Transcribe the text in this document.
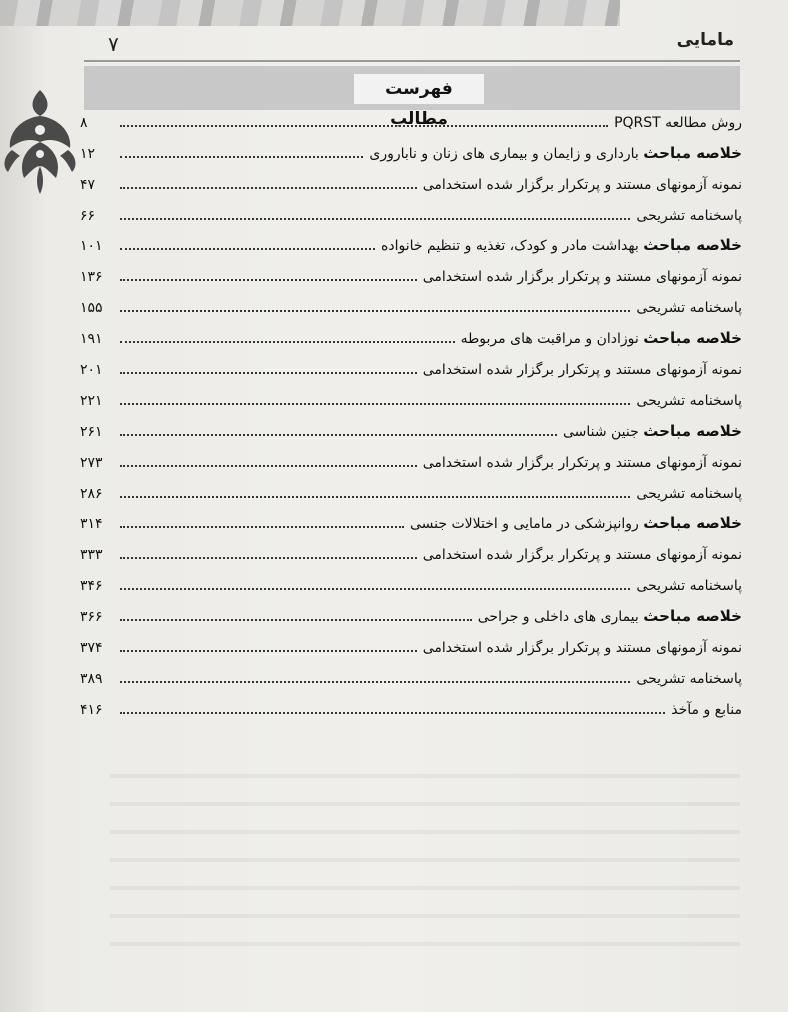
۷	مامایی
فهرست مطالب	روش مطالعه PQRST
۸
خلاصه مباحث بارداری و زایمان و بیماری های زنان و ناباروری
۱۲
نمونه آزمونهای مستند و پرتکرار برگزار شده استخدامی
۴۷
پاسخنامه تشریحی
۶۶
خلاصه مباحث بهداشت مادر و کودک، تغذیه و تنظیم خانواده
۱۰۱
نمونه آزمونهای مستند و پرتکرار برگزار شده استخدامی
۱۳۶
پاسخنامه تشریحی
۱۵۵
خلاصه مباحث نوزادان و مراقبت های مربوطه
۱۹۱
نمونه آزمونهای مستند و پرتکرار برگزار شده استخدامی
۲۰۱
پاسخنامه تشریحی
۲۲۱
خلاصه مباحث جنین شناسی
۲۶۱
نمونه آزمونهای مستند و پرتکرار برگزار شده استخدامی
۲۷۳
پاسخنامه تشریحی
۲۸۶
خلاصه مباحث روانپزشکی در مامایی و اختلالات جنسی
۳۱۴
نمونه آزمونهای مستند و پرتکرار برگزار شده استخدامی
۳۳۳
پاسخنامه تشریحی
۳۴۶
خلاصه مباحث بیماری های داخلی و جراحی
۳۶۶
نمونه آزمونهای مستند و پرتکرار برگزار شده استخدامی
۳۷۴
پاسخنامه تشریحی
۳۸۹
منابع و مآخذ
۴۱۶
